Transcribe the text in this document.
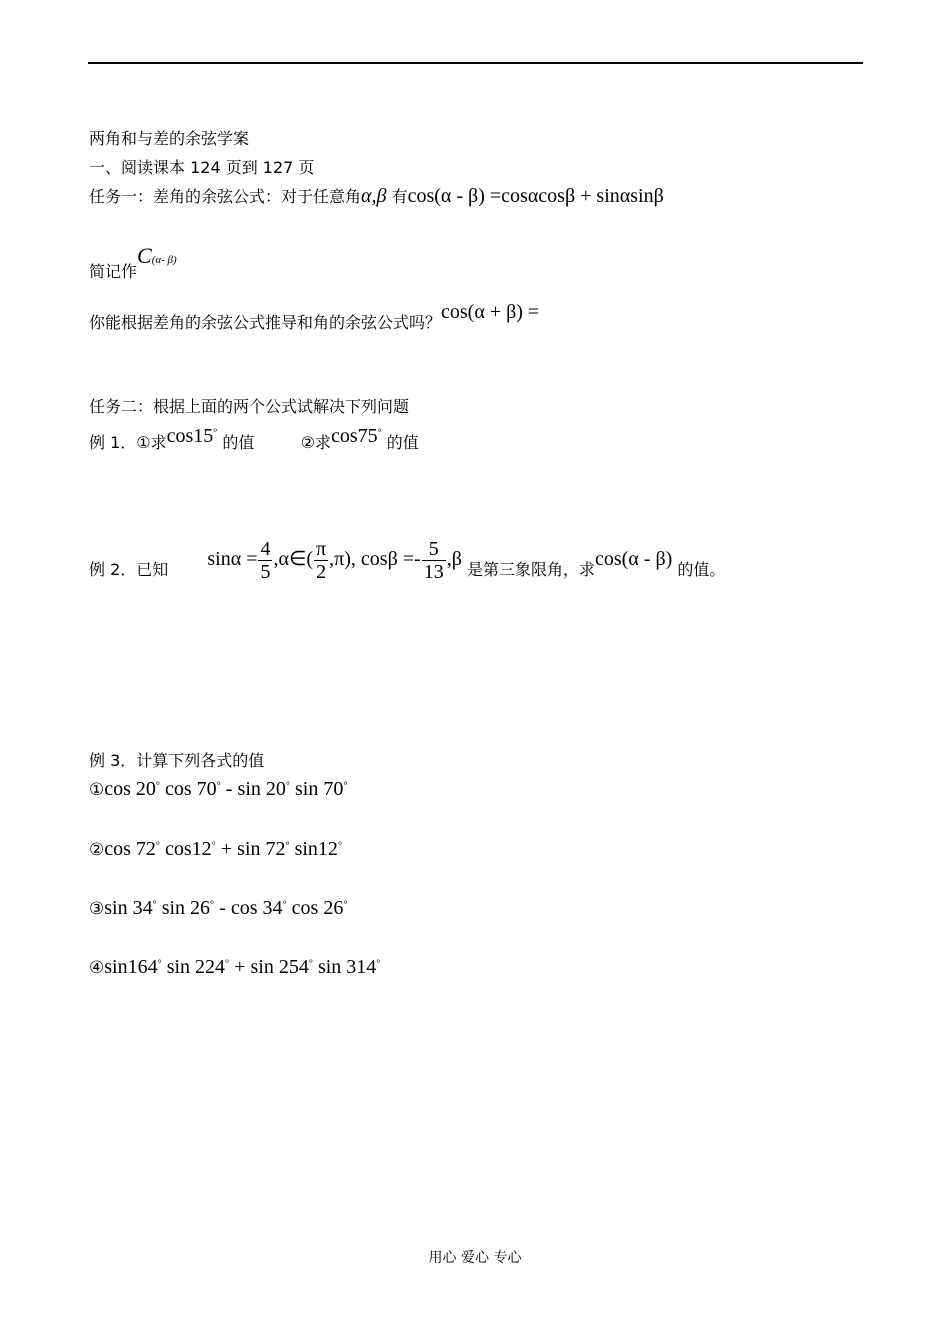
两角和与差的余弦学案
一、阅读课本 124 页到 127 页
任务一：差角的余弦公式：对于任意角α,β 有cos(α - β) =cosαcosβ + sinαsinβ
简记作C(α- β)
你能根据差角的余弦公式推导和角的余弦公式吗？cos(α + β) =
任务二：根据上面的两个公式试解决下列问题
例 1．①求cos15° 的值	②求cos75° 的值
例 2．已知 $\sin\alpha = \frac{4}{5}$ ,α∈( $\frac{\pi}{2} ,\pi$), $\cos\beta =- \frac{5}{13} ,\beta$ 是第三象限角，求cos(α - β) 的值。
例 3．计算下列各式的值
①cos 20° cos 70° - sin 20° sin 70°
②cos 72° cos12° + sin 72° sin12°
③sin 34° sin 26° - cos 34° cos 26°
④sin164° sin 224° + sin 254° sin 314°
用心 爱心 专心
